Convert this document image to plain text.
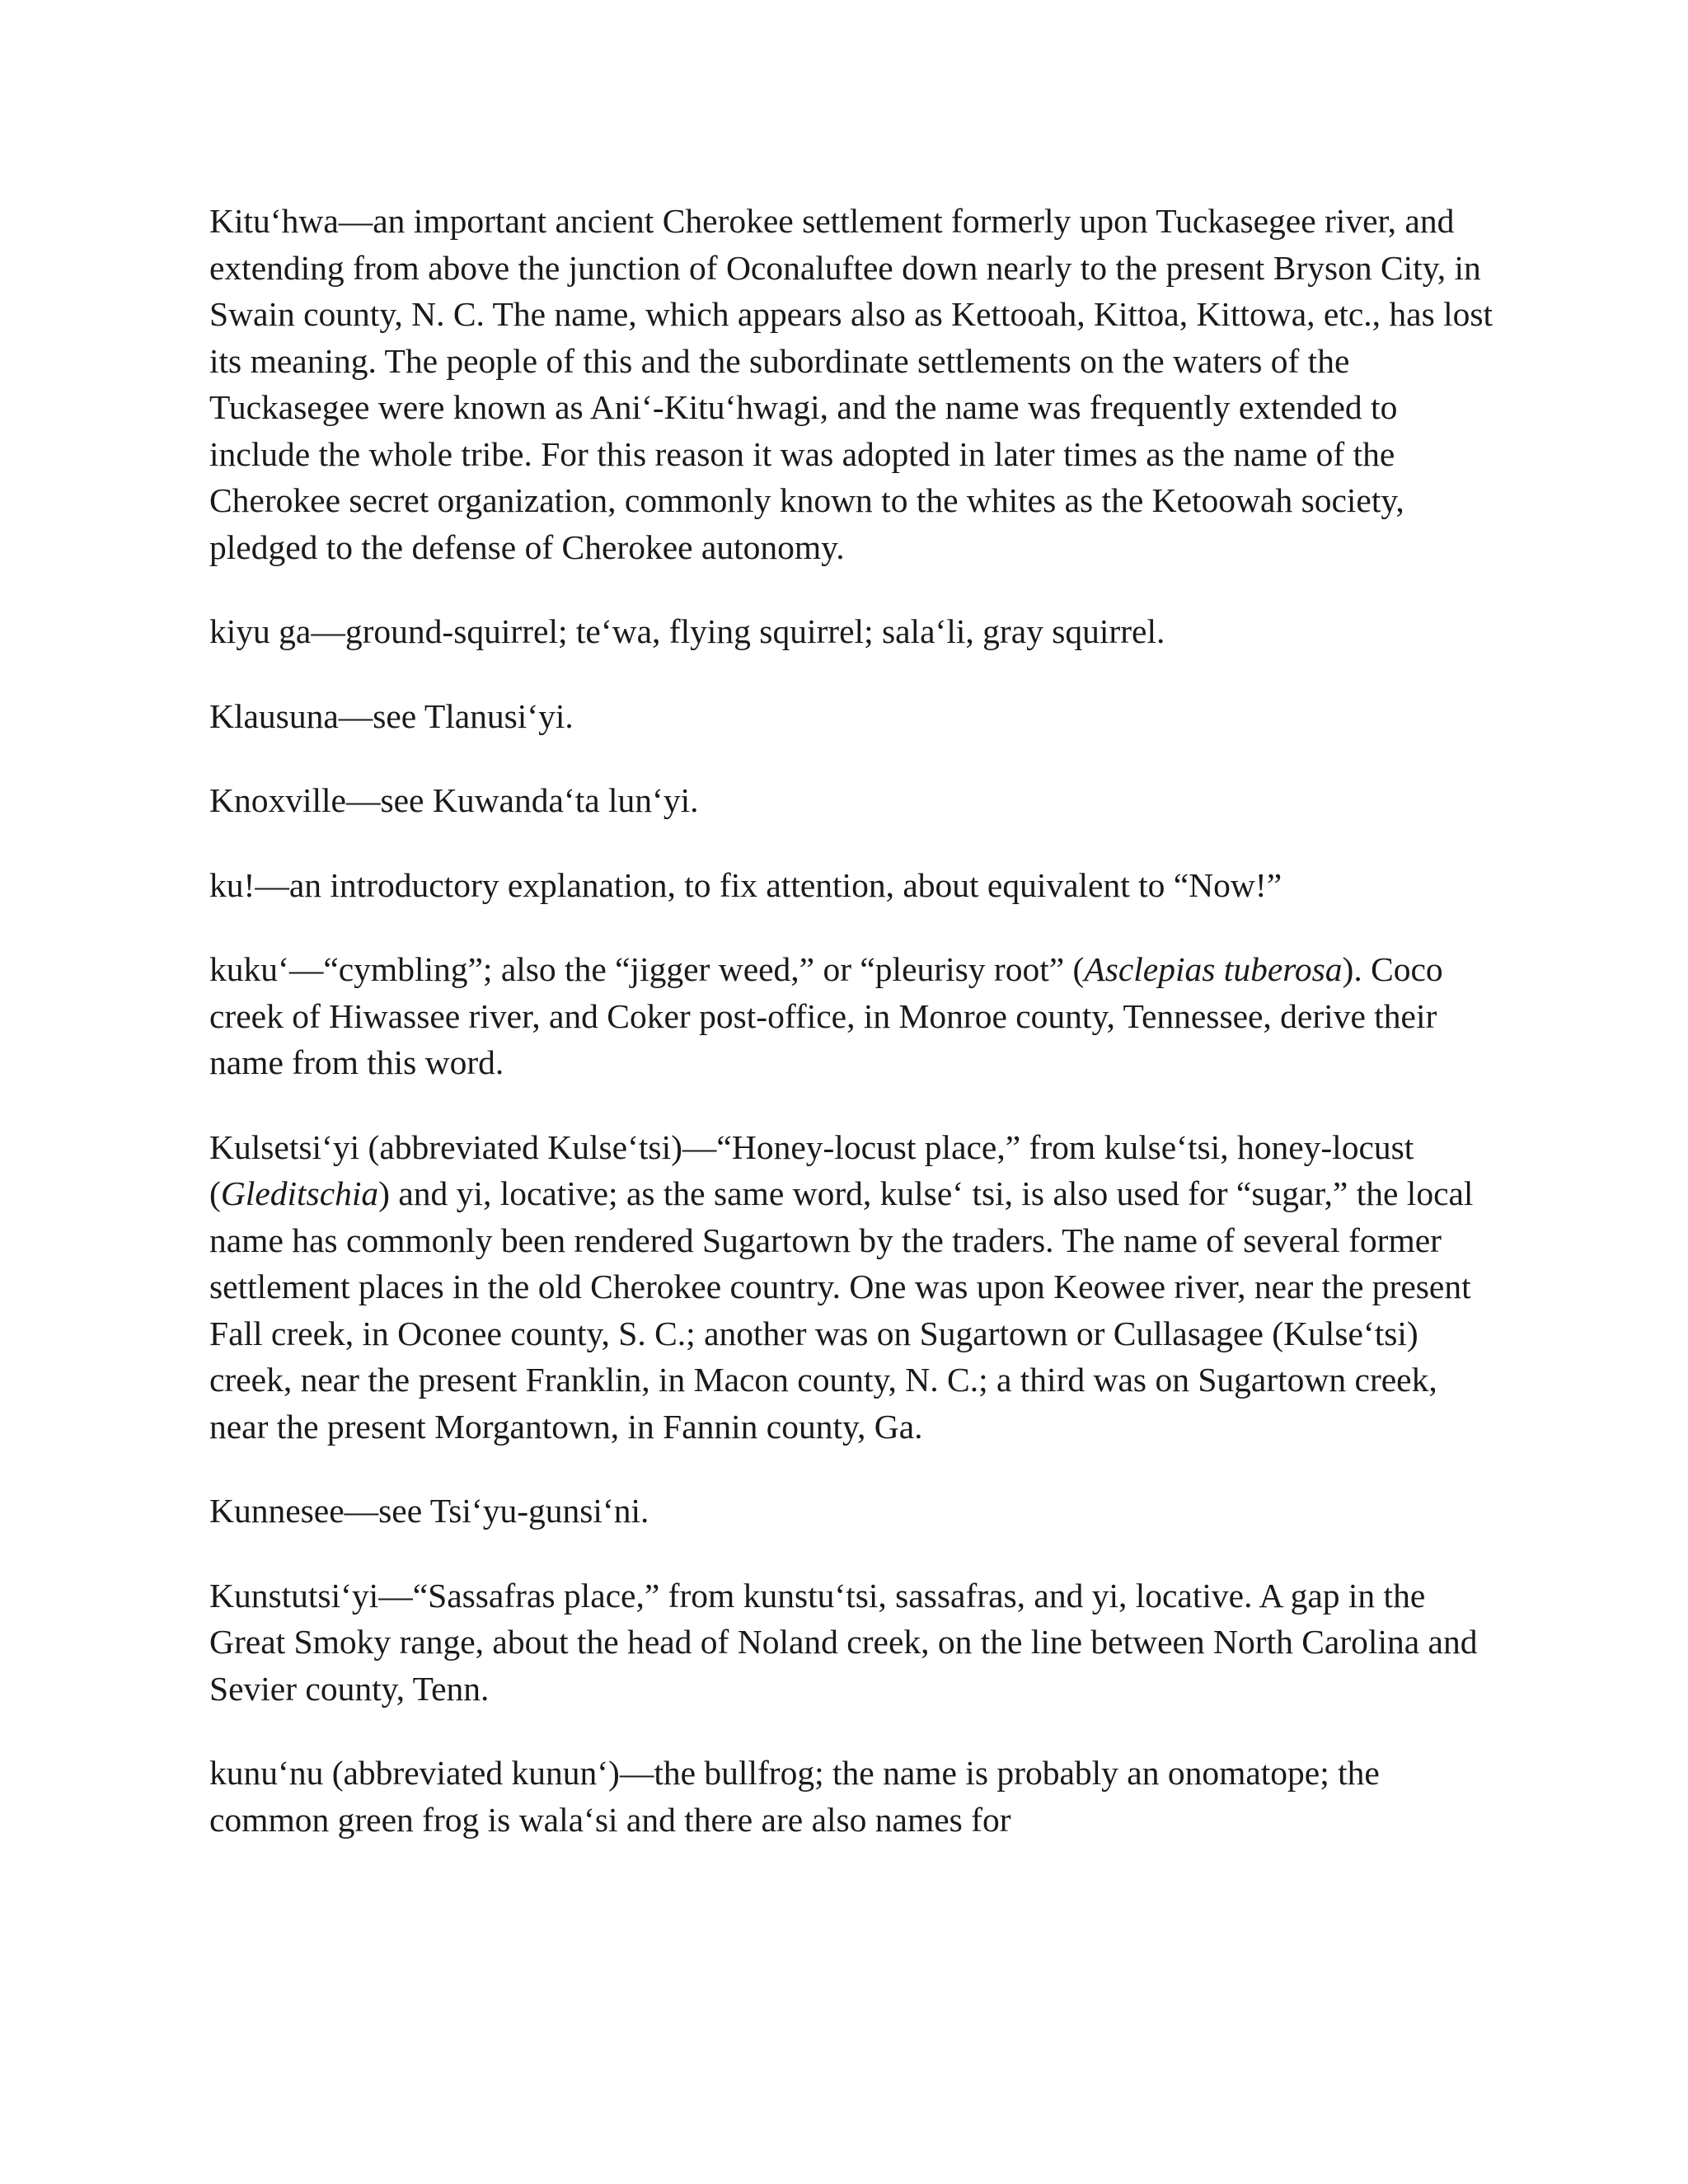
Kitu‘hwa—an important ancient Cherokee settlement formerly upon Tuckasegee river, and extending from above the junction of Oconaluftee down nearly to the present Bryson City, in Swain county, N. C. The name, which appears also as Kettooah, Kittoa, Kittowa, etc., has lost its meaning. The people of this and the subordinate settlements on the waters of the Tuckasegee were known as Ani‘-Kitu‘hwagi, and the name was frequently extended to include the whole tribe. For this reason it was adopted in later times as the name of the Cherokee secret organization, commonly known to the whites as the Ketoowah society, pledged to the defense of Cherokee autonomy.

kiyu ga—ground-squirrel; te‘wa, flying squirrel; sala‘li, gray squirrel.

Klausuna—see Tlanusi‘yi.

Knoxville—see Kuwanda‘ta lun‘yi.

ku!—an introductory explanation, to fix attention, about equivalent to “Now!”

kuku‘—“cymbling”; also the “jigger weed,” or “pleurisy root” (Asclepias tuberosa). Coco creek of Hiwassee river, and Coker post-office, in Monroe county, Tennessee, derive their name from this word.

Kulsetsi‘yi (abbreviated Kulse‘tsi)—“Honey-locust place,” from kulse‘tsi, honey-locust (Gleditschia) and yi, locative; as the same word, kulse‘ tsi, is also used for “sugar,” the local name has commonly been rendered Sugartown by the traders. The name of several former settlement places in the old Cherokee country. One was upon Keowee river, near the present Fall creek, in Oconee county, S. C.; another was on Sugartown or Cullasagee (Kulse‘tsi) creek, near the present Franklin, in Macon county, N. C.; a third was on Sugartown creek, near the present Morgantown, in Fannin county, Ga.

Kunnesee—see Tsi‘yu-gunsi‘ni.

Kunstutsi‘yi—“Sassafras place,” from kunstu‘tsi, sassafras, and yi, locative. A gap in the Great Smoky range, about the head of Noland creek, on the line between North Carolina and Sevier county, Tenn.

kunu‘nu (abbreviated kunun‘)—the bullfrog; the name is probably an onomatope; the common green frog is wala‘si and there are also names for
